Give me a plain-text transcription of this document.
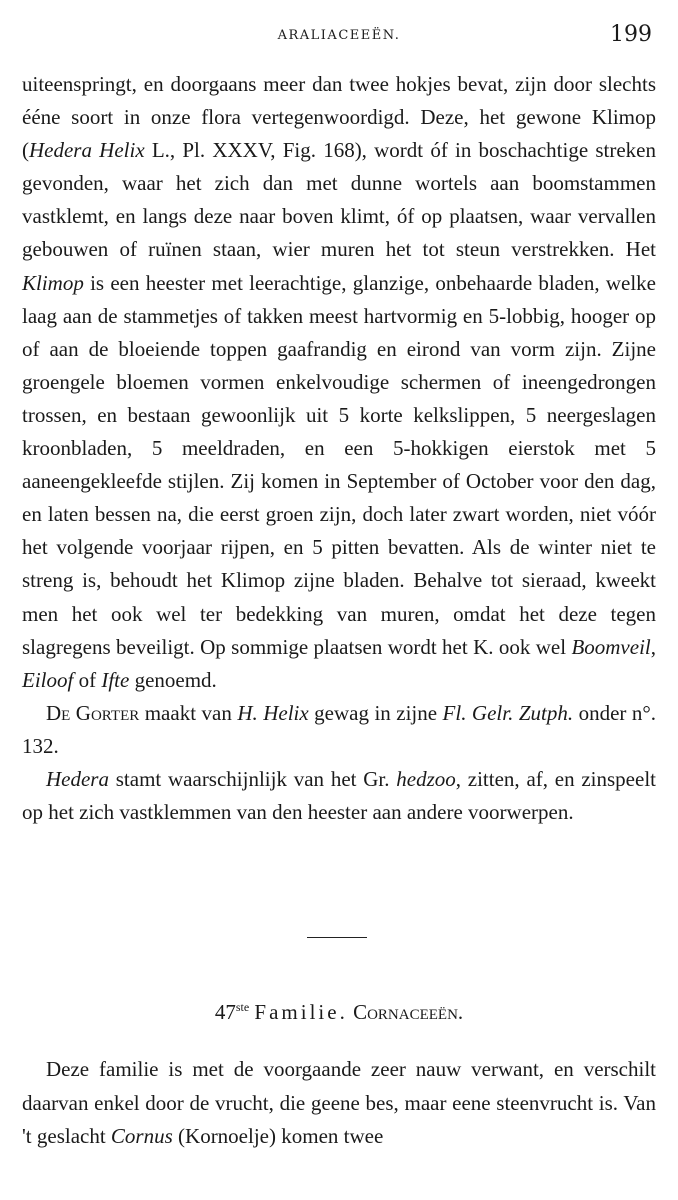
ARALIACEEËN.	199

uiteenspringt, en doorgaans meer dan twee hokjes bevat, zijn door slechts ééne soort in onze flora vertegenwoordigd. Deze, het gewone Klimop (Hedera Helix L., Pl. XXXV, Fig. 168), wordt óf in boschachtige streken gevonden, waar het zich dan met dunne wortels aan boomstammen vastklemt, en langs deze naar boven klimt, óf op plaatsen, waar vervallen gebouwen of ruïnen staan, wier muren het tot steun verstrekken. Het Klimop is een heester met leerachtige, glanzige, onbehaarde bladen, welke laag aan de stammetjes of takken meest hartvormig en 5-lobbig, hooger op of aan de bloeiende toppen gaafrandig en eirond van vorm zijn. Zijne groengele bloemen vormen enkelvoudige schermen of ineengedrongen trossen, en bestaan gewoonlijk uit 5 korte kelkslippen, 5 neergeslagen kroonbladen, 5 meeldraden, en een 5-hokkigen eierstok met 5 aaneengekleefde stijlen. Zij komen in September of October voor den dag, en laten bessen na, die eerst groen zijn, doch later zwart worden, niet vóór het volgende voorjaar rijpen, en 5 pitten bevatten. Als de winter niet te streng is, behoudt het Klimop zijne bladen. Behalve tot sieraad, kweekt men het ook wel ter bedekking van muren, omdat het deze tegen slagregens beveiligt. Op sommige plaatsen wordt het K. ook wel Boomveil, Eiloof of Ifte genoemd.

De Gorter maakt van H. Helix gewag in zijne Fl. Gelr. Zutph. onder n°. 132.

Hedera stamt waarschijnlijk van het Gr. hedzoo, zitten, af, en zinspeelt op het zich vastklemmen van den heester aan andere voorwerpen.

47ste Familie. Cornaceeën.

Deze familie is met de voorgaande zeer nauw verwant, en verschilt daarvan enkel door de vrucht, die geene bes, maar eene steenvrucht is. Van 't geslacht Cornus (Kornoelje) komen twee
